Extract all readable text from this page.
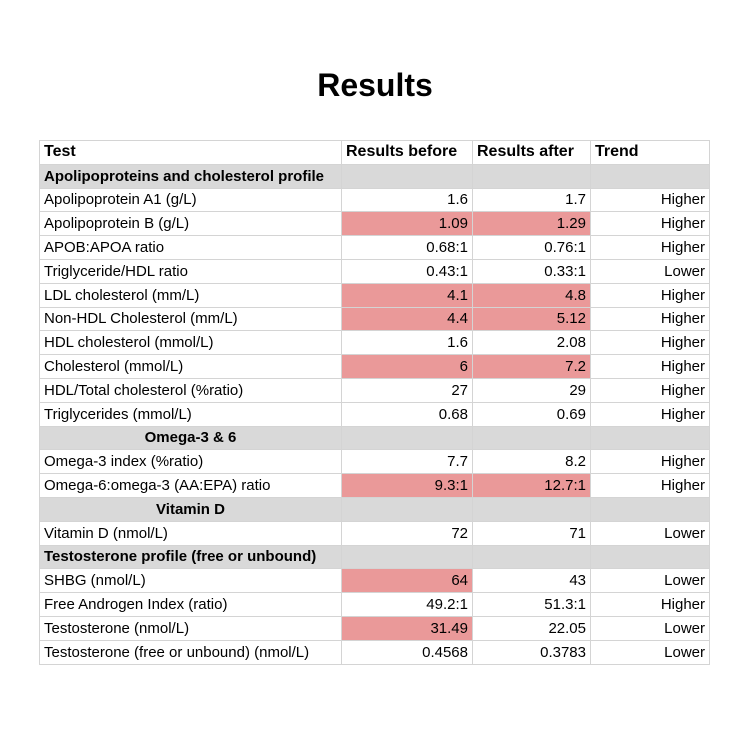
Results
Test	Results before	Results after	Trend
Apolipoproteins and cholesterol profile			
Apolipoprotein A1 (g/L)	1.6	1.7	Higher
Apolipoprotein B (g/L)	1.09	1.29	Higher
APOB:APOA ratio	0.68:1	0.76:1	Higher
Triglyceride/HDL ratio	0.43:1	0.33:1	Lower
LDL cholesterol (mm/L)	4.1	4.8	Higher
Non-HDL Cholesterol (mm/L)	4.4	5.12	Higher
HDL cholesterol (mmol/L)	1.6	2.08	Higher
Cholesterol (mmol/L)	6	7.2	Higher
HDL/Total cholesterol (%ratio)	27	29	Higher
Triglycerides (mmol/L)	0.68	0.69	Higher
Omega-3 & 6			
Omega-3 index (%ratio)	7.7	8.2	Higher
Omega-6:omega-3 (AA:EPA) ratio	9.3:1	12.7:1	Higher
Vitamin D			
Vitamin D (nmol/L)	72	71	Lower
Testosterone profile (free or unbound)			
SHBG (nmol/L)	64	43	Lower
Free Androgen Index (ratio)	49.2:1	51.3:1	Higher
Testosterone (nmol/L)	31.49	22.05	Lower
Testosterone (free or unbound) (nmol/L)	0.4568	0.3783	Lower
